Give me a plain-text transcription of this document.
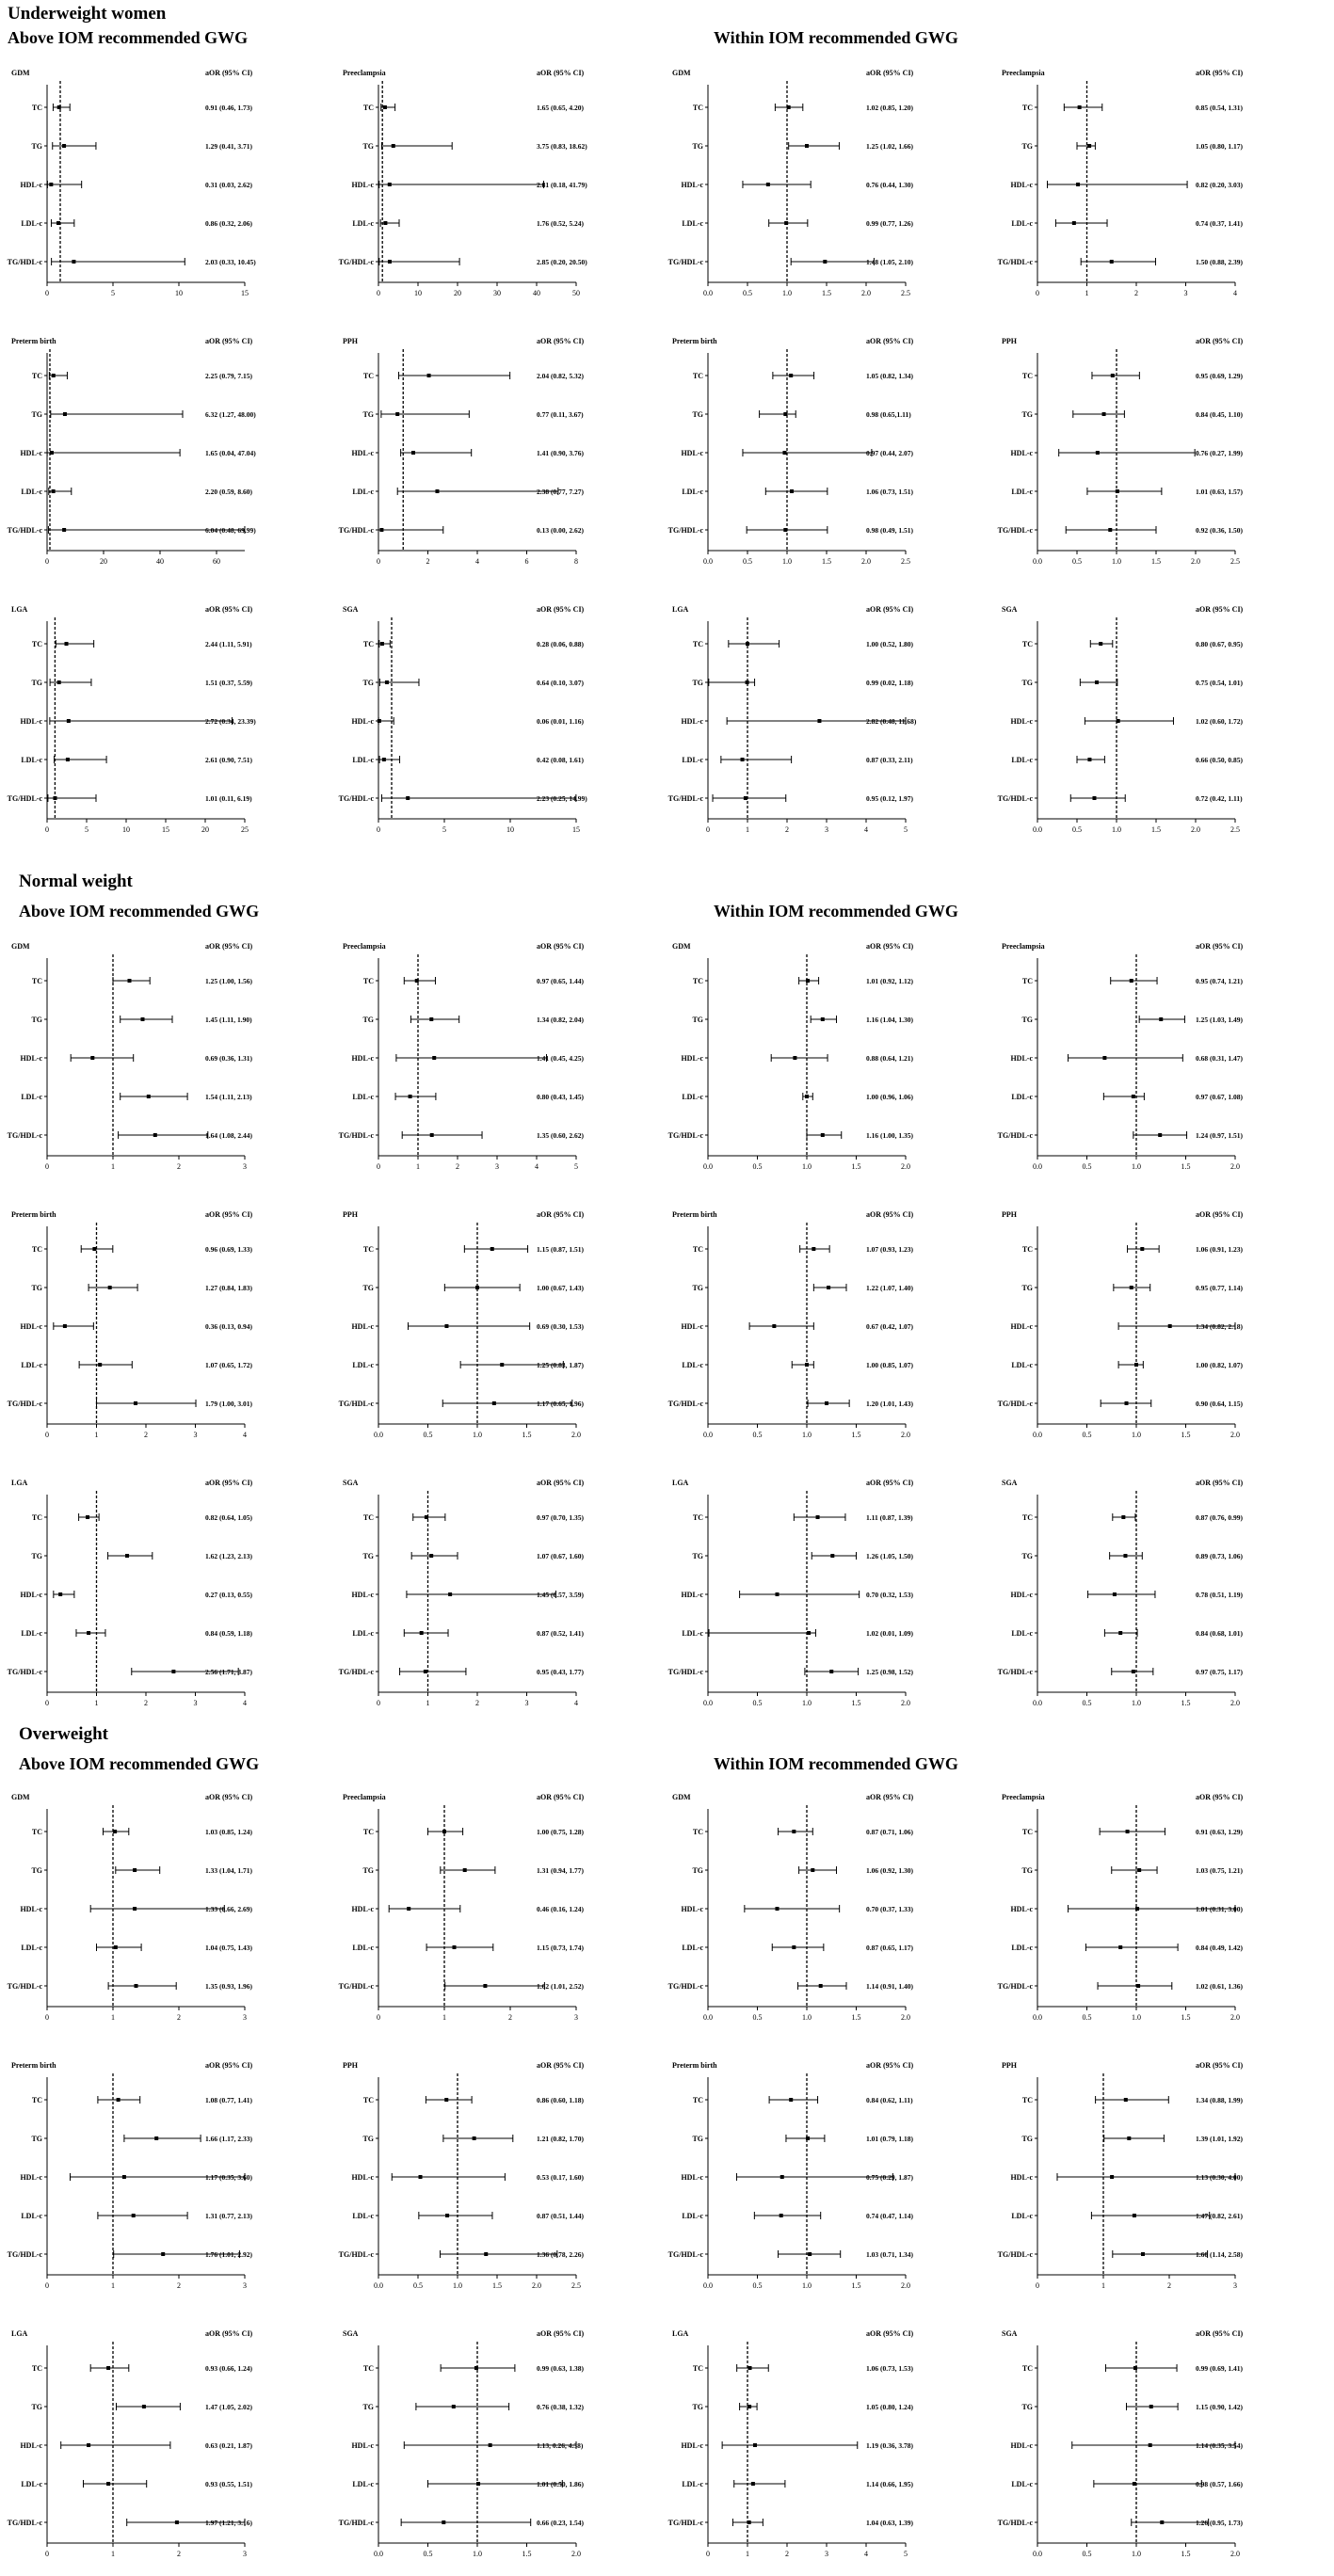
Underweight women
Above IOM recommended GWG	Within IOM recommended GWG
Normal weight
Above IOM recommended GWG	Within IOM recommended GWG
Overweight
Above IOM recommended GWG	Within IOM recommended GWG
GDM	aOR (95% CI)
0	5	10	15
TC	0.91 (0.46, 1.73)
TG	1.29 (0.41, 3.71)
HDL-c	0.31 (0.03, 2.62)
LDL-c	0.86 (0.32, 2.06)
TG/HDL-c	2.03 (0.33, 10.45)
Preeclampsia	aOR (95% CI)
0	10	20	30	40	50
TC	1.65 (0.65, 4.20)
TG	3.75 (0.83, 18.62)
HDL-c	2.81 (0.18, 41.79)
LDL-c	1.76 (0.52, 5.24)
TG/HDL-c	2.85 (0.20, 20.50)
GDM	aOR (95% CI)
0.0	0.5	1.0	1.5	2.0	2.5
TC	1.02 (0.85, 1.20)
TG	1.25 (1.02, 1.66)
HDL-c	0.76 (0.44, 1.30)
LDL-c	0.99 (0.77, 1.26)
TG/HDL-c	1.48 (1.05, 2.10)
Preeclampsia	aOR (95% CI)
0	1	2	3	4
TC	0.85 (0.54, 1.31)
TG	1.05 (0.80, 1.17)
HDL-c	0.82 (0.20, 3.03)
LDL-c	0.74 (0.37, 1.41)
TG/HDL-c	1.50 (0.88, 2.39)
Preterm birth	aOR (95% CI)
0	20	40	60
TC	2.25 (0.79, 7.15)
TG	6.32 (1.27, 48.00)
HDL-c	1.65 (0.04, 47.04)
LDL-c	2.20 (0.59, 8.60)
TG/HDL-c	6.04 (0.48, 69.99)
PPH	aOR (95% CI)
0	2	4	6	8
TC	2.04 (0.82, 5.32)
TG	0.77 (0.11, 3.67)
HDL-c	1.41 (0.90, 3.76)
LDL-c	2.38 (0.77, 7.27)
TG/HDL-c	0.13 (0.00, 2.62)
Preterm birth	aOR (95% CI)
0.0	0.5	1.0	1.5	2.0	2.5
TC	1.05 (0.82, 1.34)
TG	0.98 (0.65,1.11)
HDL-c	0.97 (0.44, 2.07)
LDL-c	1.06 (0.73, 1.51)
TG/HDL-c	0.98 (0.49, 1.51)
PPH	aOR (95% CI)
0.0	0.5	1.0	1.5	2.0	2.5
TC	0.95 (0.69, 1.29)
TG	0.84 (0.45, 1.10)
HDL-c	0.76 (0.27, 1.99)
LDL-c	1.01 (0.63, 1.57)
TG/HDL-c	0.92 (0.36, 1.50)
LGA	aOR (95% CI)
0	5	10	15	20	25
TC	2.44 (1.11, 5.91)
TG	1.51 (0.37, 5.59)
HDL-c	2.72 (0.34, 23.39)
LDL-c	2.61 (0.90, 7.51)
TG/HDL-c	1.01 (0.11, 6.19)
SGA	aOR (95% CI)
0	5	10	15
TC	0.28 (0.06, 0.88)
TG	0.64 (0.10, 3.07)
HDL-c	0.06 (0.01, 1.16)
LDL-c	0.42 (0.08, 1.61)
TG/HDL-c	2.23 (0.25, 14.99)
LGA	aOR (95% CI)
0	1	2	3	4	5
TC	1.00 (0.52, 1.80)
TG	0.99 (0.02, 1.18)
HDL-c	2.82 (0.48, 11.68)
LDL-c	0.87 (0.33, 2.11)
TG/HDL-c	0.95 (0.12, 1.97)
SGA	aOR (95% CI)
0.0	0.5	1.0	1.5	2.0	2.5
TC	0.80 (0.67, 0.95)
TG	0.75 (0.54, 1.01)
HDL-c	1.02 (0.60, 1.72)
LDL-c	0.66 (0.50, 0.85)
TG/HDL-c	0.72 (0.42, 1.11)
GDM	aOR (95% CI)
0	1	2	3
TC	1.25 (1.00, 1.56)
TG	1.45 (1.11, 1.90)
HDL-c	0.69 (0.36, 1.31)
LDL-c	1.54 (1.11, 2.13)
TG/HDL-c	1.64 (1.08, 2.44)
Preeclampsia	aOR (95% CI)
0	1	2	3	4	5
TC	0.97 (0.65, 1.44)
TG	1.34 (0.82, 2.04)
HDL-c	1.41 (0.45, 4.25)
LDL-c	0.80 (0.43, 1.45)
TG/HDL-c	1.35 (0.60, 2.62)
GDM	aOR (95% CI)
0.0	0.5	1.0	1.5	2.0
TC	1.01 (0.92, 1.12)
TG	1.16 (1.04, 1.30)
HDL-c	0.88 (0.64, 1.21)
LDL-c	1.00 (0.96, 1.06)
TG/HDL-c	1.16 (1.00, 1.35)
Preeclampsia	aOR (95% CI)
0.0	0.5	1.0	1.5	2.0
TC	0.95 (0.74, 1.21)
TG	1.25 (1.03, 1.49)
HDL-c	0.68 (0.31, 1.47)
LDL-c	0.97 (0.67, 1.08)
TG/HDL-c	1.24 (0.97, 1.51)
Preterm birth	aOR (95% CI)
0	1	2	3	4
TC	0.96 (0.69, 1.33)
TG	1.27 (0.84, 1.83)
HDL-c	0.36 (0.13, 0.94)
LDL-c	1.07 (0.65, 1.72)
TG/HDL-c	1.79 (1.00, 3.01)
PPH	aOR (95% CI)
0.0	0.5	1.0	1.5	2.0
TC	1.15 (0.87, 1.51)
TG	1.00 (0.67, 1.43)
HDL-c	0.69 (0.30, 1.53)
LDL-c	1.25 (0.83, 1.87)
TG/HDL-c	1.17 (0.65, 1.96)
Preterm birth	aOR (95% CI)
0.0	0.5	1.0	1.5	2.0
TC	1.07 (0.93, 1.23)
TG	1.22 (1.07, 1.40)
HDL-c	0.67 (0.42, 1.07)
LDL-c	1.00 (0.85, 1.07)
TG/HDL-c	1.20 (1.01, 1.43)
PPH	aOR (95% CI)
0.0	0.5	1.0	1.5	2.0
TC	1.06 (0.91, 1.23)
TG	0.95 (0.77, 1.14)
HDL-c	1.34 (0.82, 2.18)
LDL-c	1.00 (0.82, 1.07)
TG/HDL-c	0.90 (0.64, 1.15)
LGA	aOR (95% CI)
0	1	2	3	4
TC	0.82 (0.64, 1.05)
TG	1.62 (1.23, 2.13)
HDL-c	0.27 (0.13, 0.55)
LDL-c	0.84 (0.59, 1.18)
TG/HDL-c	2.56 (1.71, 3.87)
SGA	aOR (95% CI)
0	1	2	3	4
TC	0.97 (0.70, 1.35)
TG	1.07 (0.67, 1.60)
HDL-c	1.45 (0.57, 3.59)
LDL-c	0.87 (0.52, 1.41)
TG/HDL-c	0.95 (0.43, 1.77)
LGA	aOR (95% CI)
0.0	0.5	1.0	1.5	2.0
TC	1.11 (0.87, 1.39)
TG	1.26 (1.05, 1.50)
HDL-c	0.70 (0.32, 1.53)
LDL-c	1.02 (0.01, 1.09)
TG/HDL-c	1.25 (0.98, 1.52)
SGA	aOR (95% CI)
0.0	0.5	1.0	1.5	2.0
TC	0.87 (0.76, 0.99)
TG	0.89 (0.73, 1.06)
HDL-c	0.78 (0.51, 1.19)
LDL-c	0.84 (0.68, 1.01)
TG/HDL-c	0.97 (0.75, 1.17)
GDM	aOR (95% CI)
0	1	2	3
TC	1.03 (0.85, 1.24)
TG	1.33 (1.04, 1.71)
HDL-c	1.33 (0.66, 2.69)
LDL-c	1.04 (0.75, 1.43)
TG/HDL-c	1.35 (0.93, 1.96)
Preeclampsia	aOR (95% CI)
0	1	2	3
TC	1.00 (0.75, 1.28)
TG	1.31 (0.94, 1.77)
HDL-c	0.46 (0.16, 1.24)
LDL-c	1.15 (0.73, 1.74)
TG/HDL-c	1.62 (1.01, 2.52)
GDM	aOR (95% CI)
0.0	0.5	1.0	1.5	2.0
TC	0.87 (0.71, 1.06)
TG	1.06 (0.92, 1.30)
HDL-c	0.70 (0.37, 1.33)
LDL-c	0.87 (0.65, 1.17)
TG/HDL-c	1.14 (0.91, 1.40)
Preeclampsia	aOR (95% CI)
0.0	0.5	1.0	1.5	2.0
TC	0.91 (0.63, 1.29)
TG	1.03 (0.75, 1.21)
HDL-c	1.01 (0.31, 3.00)
LDL-c	0.84 (0.49, 1.42)
TG/HDL-c	1.02 (0.61, 1.36)
Preterm birth	aOR (95% CI)
0	1	2	3
TC	1.08 (0.77, 1.41)
TG	1.66 (1.17, 2.33)
HDL-c	1.17 (0.35, 3.60)
LDL-c	1.31 (0.77, 2.13)
TG/HDL-c	1.76 (1.01, 2.92)
PPH	aOR (95% CI)
0.0	0.5	1.0	1.5	2.0	2.5
TC	0.86 (0.60, 1.18)
TG	1.21 (0.82, 1.70)
HDL-c	0.53 (0.17, 1.60)
LDL-c	0.87 (0.51, 1.44)
TG/HDL-c	1.36 (0.78, 2.26)
Preterm birth	aOR (95% CI)
0.0	0.5	1.0	1.5	2.0
TC	0.84 (0.62, 1.11)
TG	1.01 (0.79, 1.18)
HDL-c	0.75 (0.29, 1.87)
LDL-c	0.74 (0.47, 1.14)
TG/HDL-c	1.03 (0.71, 1.34)
PPH	aOR (95% CI)
0	1	2	3
TC	1.34 (0.88, 1.99)
TG	1.39 (1.01, 1.92)
HDL-c	1.13 (0.30, 4.00)
LDL-c	1.47 (0.82, 2.61)
TG/HDL-c	1.60 (1.14, 2.58)
LGA	aOR (95% CI)
0	1	2	3
TC	0.93 (0.66, 1.24)
TG	1.47 (1.05, 2.02)
HDL-c	0.63 (0.21, 1.87)
LDL-c	0.93 (0.55, 1.51)
TG/HDL-c	1.97 (1.21, 3.16)
SGA	aOR (95% CI)
0.0	0.5	1.0	1.5	2.0
TC	0.99 (0.63, 1.38)
TG	0.76 (0.38, 1.32)
HDL-c	1.13, 0.26, 4.38)
LDL-c	1.01 (0.50, 1.86)
TG/HDL-c	0.66 (0.23, 1.54)
LGA	aOR (95% CI)
0	1	2	3	4	5
TC	1.06 (0.73, 1.53)
TG	1.05 (0.80, 1.24)
HDL-c	1.19 (0.36, 3.78)
LDL-c	1.14 (0.66, 1.95)
TG/HDL-c	1.04 (0.63, 1.39)
SGA	aOR (95% CI)
0.0	0.5	1.0	1.5	2.0
TC	0.99 (0.69, 1.41)
TG	1.15 (0.90, 1.42)
HDL-c	1.14 (0.35, 3.54)
LDL-c	0.98 (0.57, 1.66)
TG/HDL-c	1.26 (0.95, 1.73)
